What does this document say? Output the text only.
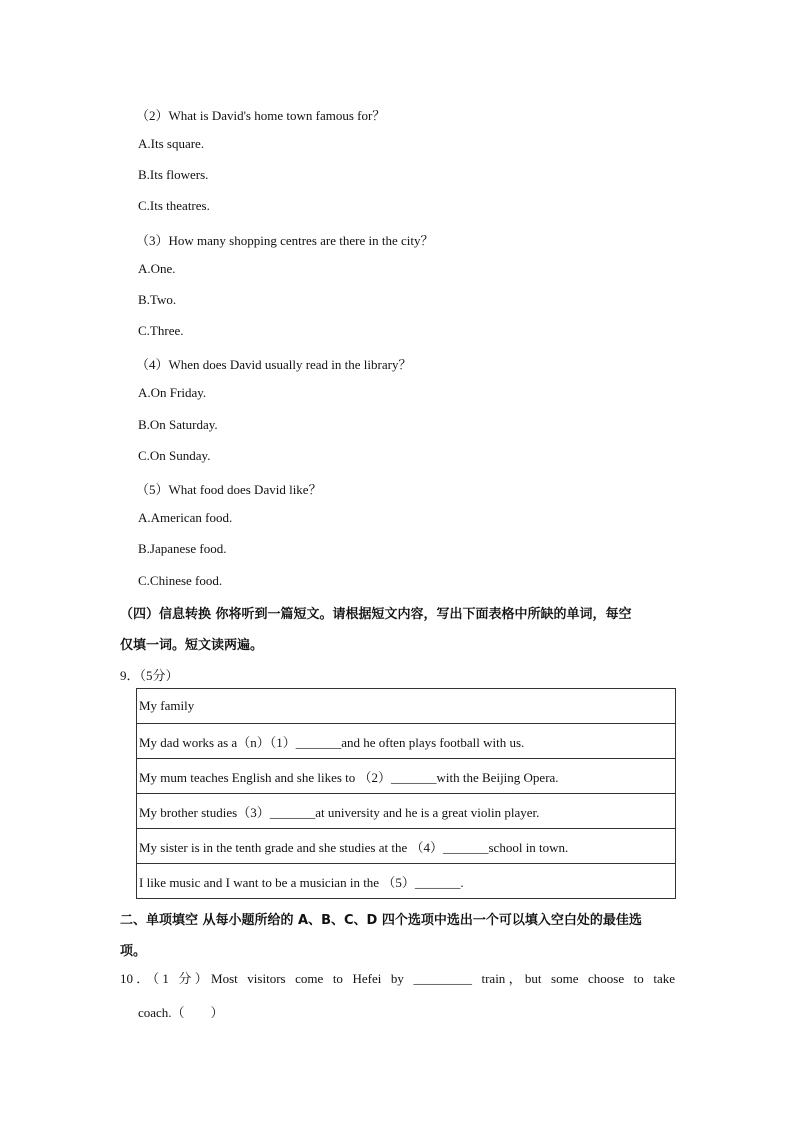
（2）What is David's home town famous for？
A.Its square.
B.Its flowers.
C.Its theatres.
（3）How many shopping centres are there in the city？
A.One.
B.Two.
C.Three.
（4）When does David usually read in the library？
A.On Friday.
B.On Saturday.
C.On Sunday.
（5）What food does David like？
A.American food.
B.Japanese food.
C.Chinese food.
（四）信息转换 你将听到一篇短文。请根据短文内容，写出下面表格中所缺的单词，每空
仅填一词。短文读两遍。
9．（5分）
My family
My dad works as a（n）（1）_______and he often plays football with us.
My mum teaches English and she likes to （2）_______with the Beijing Opera.
My brother studies（3）_______at university and he is a great violin player.
My sister is in the tenth grade and she studies at the （4）_______school in town.
I like music and I want to be a musician in the （5）_______.
二、单项填空 从每小题所给的 A、B、C、D 四个选项中选出一个可以填入空白处的最佳选
项。
10．（1 分）Most visitors come to Hefei by _________ train，but some choose to take
coach.（　　）
